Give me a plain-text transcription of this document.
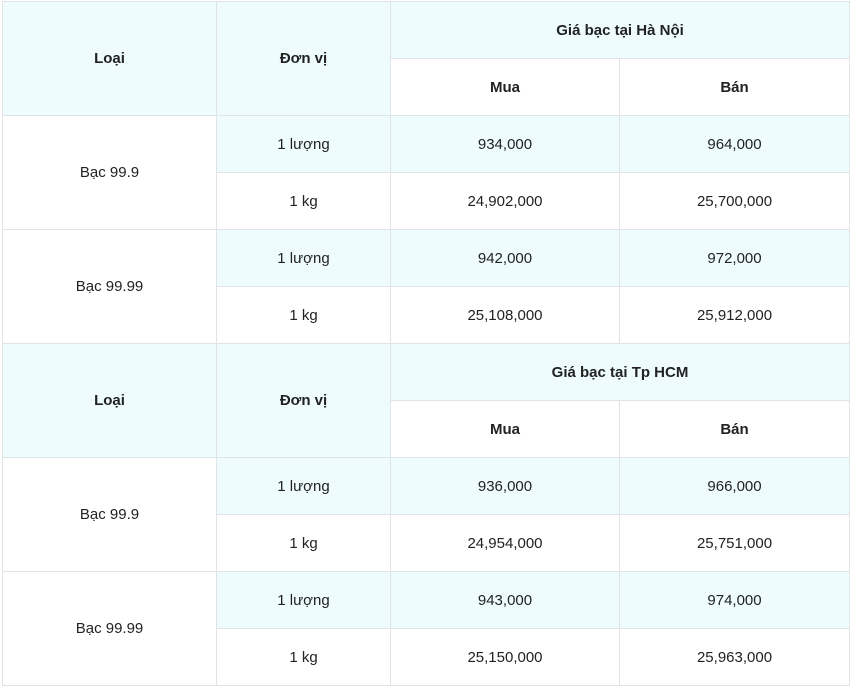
Loại	Đơn vị	Giá bạc tại Hà Nội	
		Mua	Bán
Bạc 99.9	1 lượng	934,000	964,000
	1 kg	24,902,000	25,700,000
Bạc 99.99	1 lượng	942,000	972,000
	1 kg	25,108,000	25,912,000
Loại	Đơn vị	Giá bạc tại Tp HCM	
		Mua	Bán
Bạc 99.9	1 lượng	936,000	966,000
	1 kg	24,954,000	25,751,000
Bạc 99.99	1 lượng	943,000	974,000
	1 kg	25,150,000	25,963,000
